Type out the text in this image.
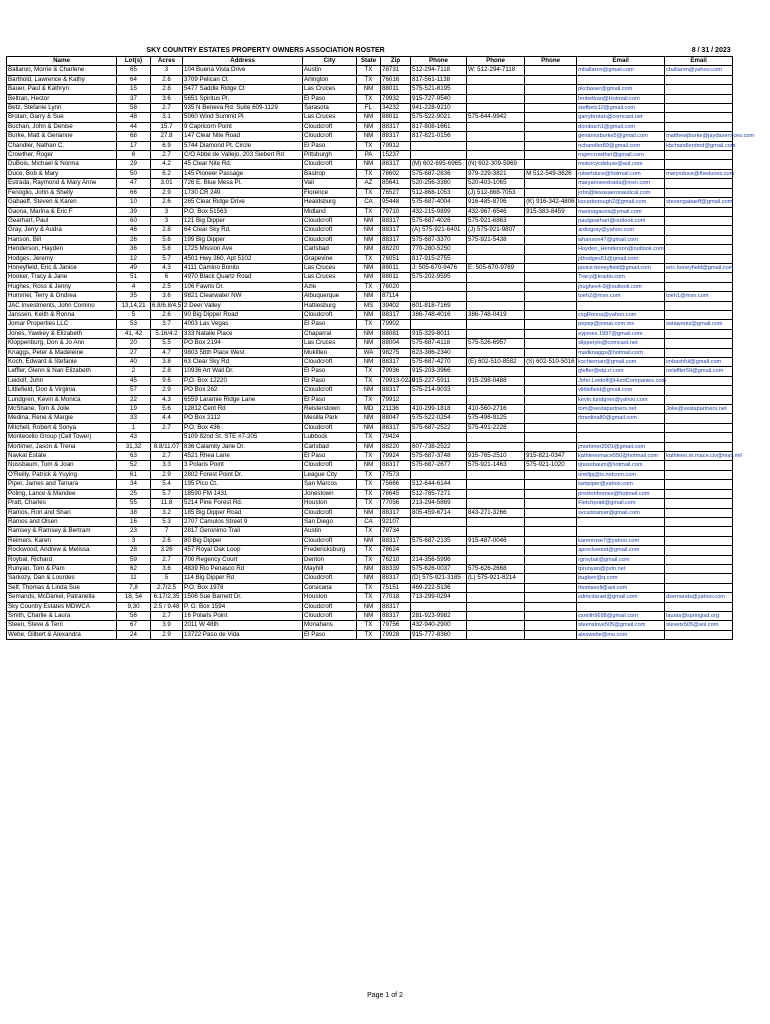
SKY COUNTRY ESTATES PROPERTY OWNERS ASSOCIATION ROSTER										8 / 31 / 2023	
Name	Lot(s)	Acres	Address	City	State	Zip	Phone	Phone	Phone	Email	Email
Ballaron, Morrie & Charlene	65	3	104 Buena Vista Drive	Austin	TX	78731	512-294-7118	W: 512-294-7118		mballaron@gmail.com	cballaron@yahoo.com
Barthold, Lawrence & Kathy	64	2.6	3709 Pelican Ct	Arlington	TX	76016	817-561-1138				
Bauer, Paul & Kathryn	15	2.8	5477 Saddle Ridge Ct	Las Cruces	NM	88011	575-521-8195			pkcbauer@gmail.com	
Beltran, Hector	37	3.6	5651 Spiritus Pl.	El Paso	TX	79932	915-727-9540			hmbeltran@Hotmail.com	
Betz, Stefanie Lynn	58	2.7	935 N Beneva Rd. Suite 609-1129	Sarasota	FL	34232	941-228-9210			stefbetz12@gmail.com	
Brotan, Garry & Sue	48	3.1	5060 Wind Summit Pl	Las Cruces	NM	88011	575-522-9021	575-644-9942		garrybrotan@comcast.net	
Buchan, John & Denise	44	15.7	9 Capricorn Point	Cloudcroft	NM	88317	817-808-1661			donibuch1@gmail.com	
Burke, Matt & Gerianne	68	27.8	147 Clear Nite Road	Cloudcroft	NM	88317	817-821-0156			geriannsburke5@gmail.com	matthewjburke@jaydaservices.com
Chandler, Nathan C.	17	6.9	5744 Diamond Pt. Circle	El Paso	TX	79912				nchandler89@gmail.com	kbchandlerdmd@gmail.com
Crowther, Roger	6	2.7	C/O Abbe de Vallejo, 203 Siebert Rd	Pittsburgh	PA	15237				rogercrowther@gmail.com	
DuBois, Michael & Norma	29	4.2	45 Clear Nite Rd.	Cloudcroft	NM	88317	(M) 602-695-6965	(N) 602-309-5969		motorcycdeluxe@aol.com	
Duce, Bob & Mary	50	6.2	145 Pioneer Passage	Bastrop	TX	78602	575-687-2836	979-229-3821	M 512-549-3626	robertduce@hotmail.com	maryoduce@theduces.com
Estrada, Raymond & Mary Anne	47	3.01	726 E. Blue Mesa Pl.	Vail	AZ	85641	520-256-3380	520-403-1065		maryanneestrada@msn.com	
Fenoglio, John & Shelly	66	2.9	1730 CR 249	Florence	TX	76527	512-868-1053	(J) 512-868-7053		john@texasaeronautical.com	
Gabaeff, Steven & Karen	10	2.6	265 Clear Ridge Drive	Healdsburg	CA	95448	575-687-4004	916-485-8706	(K) 916-342-4806	kscarborough2@gmail.com	stevengabaeff@gmail.com
Gaona, Marina & Eric F	39	3	P.O. Box 51563	Midland	TX	79710	432-215-9899	432-967-6546	915-383-8459	marinagaona@ymail.com	
Gearhart, Paul	60	3	121 Big Dipper	Cloudcroft	NM	88317	575-687-4026	575-921-6863		paulgearhart@outlook.com	
Gray, Jerry & Audra	46	2.8	64 Clear Sky Rd.	Cloudcroft	NM	88317	(A) 575-921-6401	(J) 575-921-9807		ardisgray@yahoo.com	
Hanson, Bill	26	5.6	199 Big Dipper	Cloudcroft	NM	88317	575-687-3370	575-921-5438		whanson47@gmail.com	
Henderson, Hayden	36	5.8	1725 Mission Ave	Carlsbad	NM	88220	770-280-5250			Hayden_Henderson@outlook.com	
Hodges, Jeremy	12	5.7	4501 Hwy 360, Apt 5102	Grapevine	TX	76051	817-915-2755			jdhodges51@gmail.com	
Honeyfield, Eric & Janice	49	4.3	4111 Camino Bonito	Las Cruces	NM	88011	J: 505-670-9476	E: 505-670-9769		janice.honeyfield@gmail.com	eric.honeyfield@gmail.com
Hooker, Tracy & Jane	51	6	4970 Black Quartz Road	Las Cruces	NM	88011	575-202-9595			Tracy@kradio.com	
Hughes, Ross & Jenny	4	2.5	106 Fawns Dr.	Azle	TX	76020				jhughes4-9@outlook.com	
Hummel, Terry & Ondrea	35	3.6	9821 Clearwater NW	Albuquerque	NM	87114				toeh2@msn.com	toeh1@msn.com
JAC Investments, John Comino	13,14,21	6.8/6.8/4.5	2 Deer Valley	Hattiesburg	MS	39402	601-818-7169				
Janssen, Keith & Ronna	5	2.6	90 Big Dipper Road	Cloudcroft	NM	88317	386-748-4016	386-748-0419		csgRonna@yahoo.com	
Jomar Properties LLC	53	3.7	4003 Las Vegas	El Paso	TX	79902				pepejr@jomar.com.mx	sotaworks@gmail.com
Jones, Yawkey & Elizabeth	41, 42	5.16/4.2	333 Natalie Place	Chaparral	NM	88081	915-329-8011			eyjones.1997@gmail.com	
Kloppenburg, Don & Jo Ann	20	5.5	PO Box 2194	Las Cruces	NM	88004	575-687-4118	575-526-6957		slipperylo@comcast.net	
Knaggs, Peter & Madeleine	27	4.7	9803 58th Place West	Mukilteo	WA	98275	623-386-2340			madknaggs@hotmail.com	
Koch, Edward & Stefanie	40	3.8	63 Clear Sky Rd	Cloudcroft	NM	88317	575-687-4270	(E) 602-510-8582	(S) 602-510-5016	kochieman@gmail.com	imbashful@gmail.com
Leffler, Glenn & Nan Elizabeth	2	2.8	10936 Art Wall Dr.	El Paso	TX	79936	915-203-3966			glefler@elp.rr.com	neleffler59@gmail.com
Leidolf, John	45	9.6	P.O. Box 12220	El Paso	TX	79913-0220	915-227-5911	915-298-0488		John.Leidolf@HuntCompanies.com	
Littlefield, Don & Virginia	57	2.9	PO Box 262	Cloudcroft	NM	88317	575-214-9033			vlittlefield@gmail.com	
Lundgren, Kevin & Monica	22	4.3	6559 Laramie Ridge Lane	El Paso	TX	79912				kevin.lundgren@yahoo.com	
McShane, Tom & Jolie	19	5.6	12812 Cent Rd	Reisterstown	MD	21136	410-299-1818	410-560-2716		tom@vestapartners.net	Jolie@vestapartners.net
Medina, Rene & Margie	33	4.4	PO Box 2112	Mesilla Park	NM	88047	575-522-0254	575-496-9125		rlmedina80@gmail.com	
Mitchell, Robert & Sonya	1	2.7	P.O. Box 436	Cloudcroft	NM	88317	575-687-2522	575-491-2228			
Montecello Group (Cell Tower)	43		5109 82nd St. STE #7-205	Lubbock	TX	79424					
Mortimer, Jason & Trena	31,32	8.8/11.07	836 Calamity Jane Dr.	Carlsbad	NM	88220	607-738-2522			jmortimer2001@gmail.com	
Navkal Estate	63	2.7	4521 Rhea Lane	El Paso	TX	79924	575-687-3748	915-765-2510	915-821-0347	kathleenmace550@hotmail.com	kathleen.m.mace.civ@mail.mil
Nussbaum, Tom & Joan	52	3.3	3 Polaris Point	Cloudcroft	NM	88317	575-687-2677	575-921-1463	575-921-1020	tjnussbaum@hotmail.com	
O'Reilly, Patrick & Yuying	61	2.9	2802 Forest Point Dr.	League City	TX	77573				oreillpj@ix.netcom.com	
Piper, James and Tamara	34	5.4	195 Pico Ct.	San Marcos	TX	75666	512-644-6144			tampiper@yahoo.com	
Poling, Lance & Mandee	25	5.7	18590 FM 1431	Jonestown	TX	78645	512-785-7271			prestonhomes@hotmail.com	
Pratt, Charles	55	11.8	5214 Pine Forest Rd.	Houston	TX	77056	213-294-5869			Fletchpratt@gmail.com	
Ramos, Ron and Shari	38	3.2	185 Big Dipper Road	Cloudcroft	NM	88317	805-459-6714	843-271-3266		svcamtamar@gmail.com	
Ramos and Olsen	16	5.3	2707 Camulos Street 9	San Diego	CA	92107					
Ramsey & Ramsey & Bertram	23	7	2817 Geronimo Trail	Austin	TX	78734					
Reimers, Karen	3	2.6	80 Big Dipper	Cloudcroft	NM	88317	575-687-2135	915-487-0046		karenrose7@yahoo.com	
Rockwood, Andrew & Melissa	28	3.26	457 Royal Oak Loop	Fredericksburg	TX	78624				aprockwood@gmail.com	
Roybal, Richard	59	2.7	700 Regency Court	Denton	TX	76210	214-356-5996			rgroybal@gmail.com	
Runyan, Tom & Pam	62	3.6	4839 Rio Penasco Rd	Mayhill	NM	88339	575-626-0037	575-626-2668		tprunyan@pvtn.net	
Sarkozy, Dan & Lourdes	11	5	114 Big Dipper Rd	Cloudcroft	NM	88317	(D) 575-921-3185	(L) 575-921-8214		bugken@q.com	
Self, Thomas & Linda Sue	7,8	2.7/2.5	P.O. Box 1978	Corsicana	TX	75151	469-222-5136			thomasell@aol.com	
Semands, McDaniel, Patranella	18, 54	6.17/2.35	1506 Sue Barnett Dr.	Houston	TX	77018	713-299-0294			sdmcdaniel@gmail.com	dsemands@yahoo.com
Sky Country Estates MDWCA	9,30	2.5 / 9.48	P. O. Box 1594	Cloudcroft	NM	88317					
Smith, Charlie & Laura	56	2.7	16 Polaris Point	Cloudcroft	NM	88317	281-923-9982			csmith9698@gmail.com	lauras@springisd.org
Steen, Steve & Terri	67	3.9	2011 W 48th	Monahans	TX	79756	432-940-2900			steenslove505@gmail.com	stevetx505@aol.com
Webe, Gilbert & Alexandra	24	2.9	13722 Paso de Vida	El Paso	TX	79928	915-777-8360			alexwebe@me.com	
Page 1 of 2
